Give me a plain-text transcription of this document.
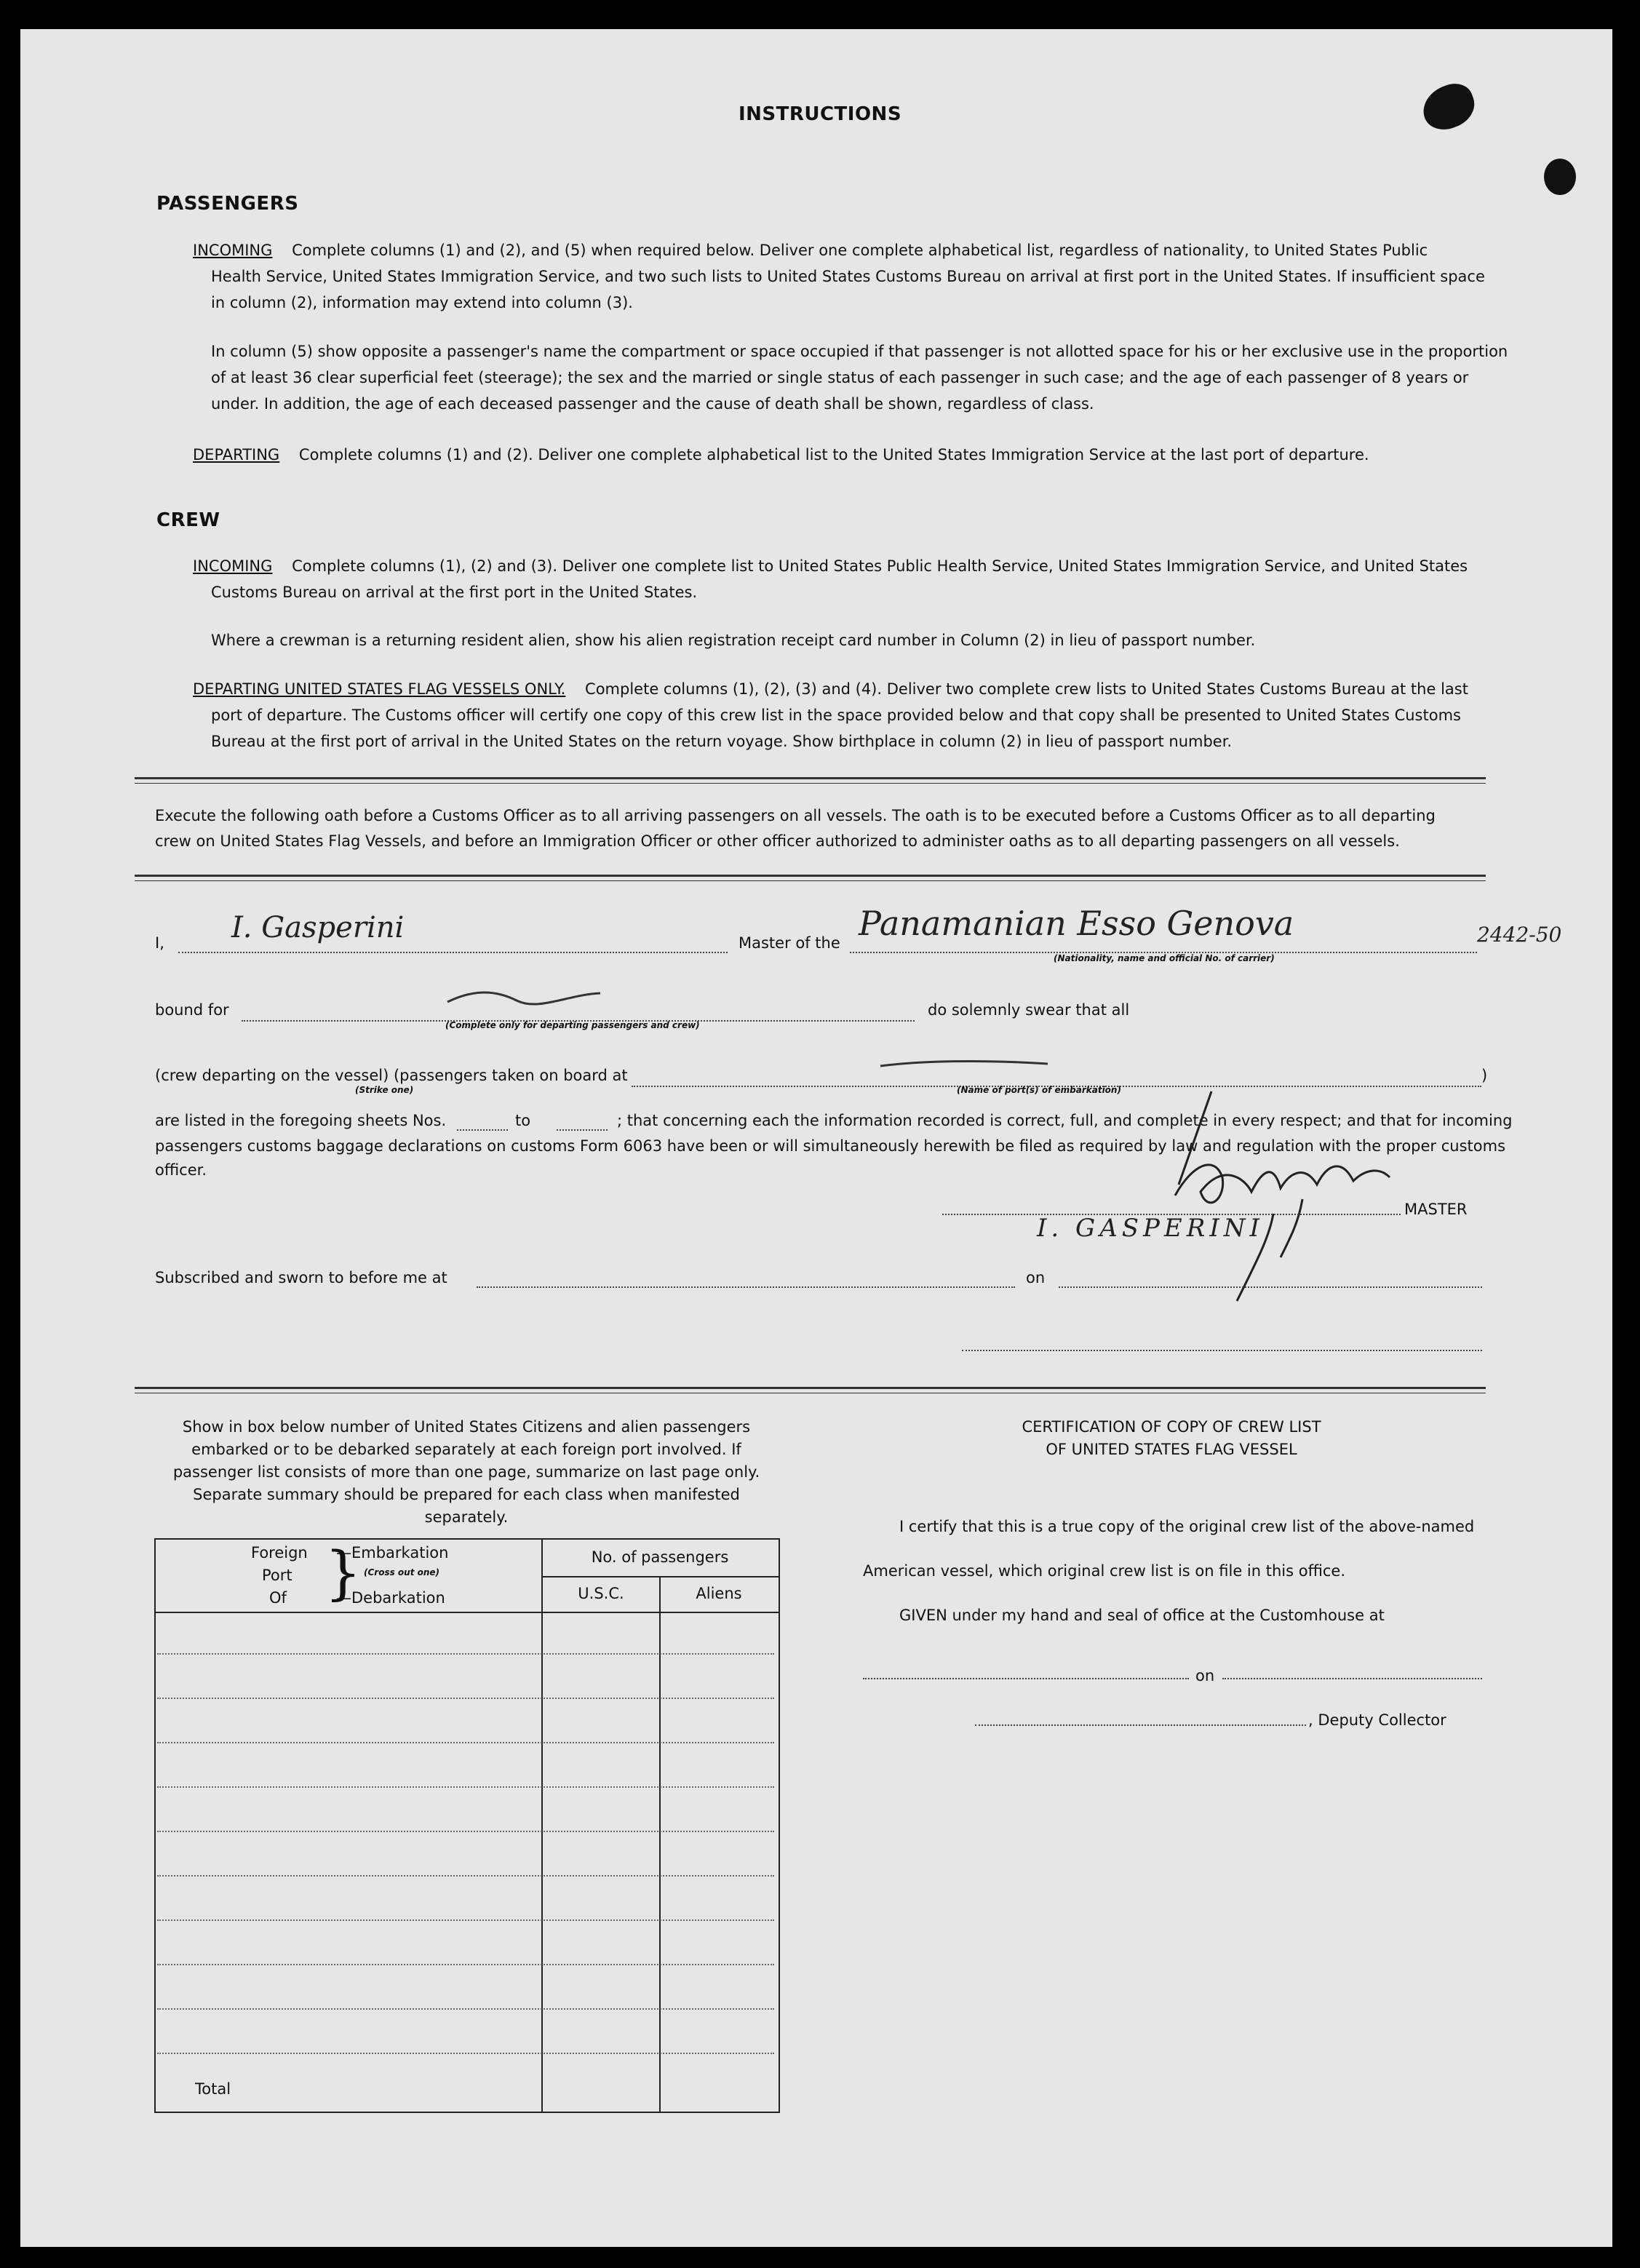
INSTRUCTIONS
PASSENGERS
INCOMING Complete columns (1) and (2), and (5) when required below. Deliver one complete alphabetical list, regardless of nationality, to United States Public
Health Service, United States Immigration Service, and two such lists to United States Customs Bureau on arrival at first port in the United States. If insufficient space
in column (2), information may extend into column (3).
In column (5) show opposite a passenger's name the compartment or space occupied if that passenger is not allotted space for his or her exclusive use in the proportion
of at least 36 clear superficial feet (steerage); the sex and the married or single status of each passenger in such case; and the age of each passenger of 8 years or
under. In addition, the age of each deceased passenger and the cause of death shall be shown, regardless of class.
DEPARTING Complete columns (1) and (2). Deliver one complete alphabetical list to the United States Immigration Service at the last port of departure.
CREW
INCOMING Complete columns (1), (2) and (3). Deliver one complete list to United States Public Health Service, United States Immigration Service, and United States
Customs Bureau on arrival at the first port in the United States.
Where a crewman is a returning resident alien, show his alien registration receipt card number in Column (2) in lieu of passport number.
DEPARTING UNITED STATES FLAG VESSELS ONLY. Complete columns (1), (2), (3) and (4). Deliver two complete crew lists to United States Customs Bureau at the last
port of departure. The Customs officer will certify one copy of this crew list in the space provided below and that copy shall be presented to United States Customs
Bureau at the first port of arrival in the United States on the return voyage. Show birthplace in column (2) in lieu of passport number.
Execute the following oath before a Customs Officer as to all arriving passengers on all vessels. The oath is to be executed before a Customs Officer as to all departing
crew on United States Flag Vessels, and before an Immigration Officer or other officer authorized to administer oaths as to all departing passengers on all vessels.
I, I. Gasperini	Master of the Panamanian Esso Genova	2442-50
(Nationality, name and official No. of carrier)
bound for
(Complete only for departing passengers and crew)
do solemnly swear that all
(crew departing on the vessel) (passengers taken on board at	)
(Strike one)	(Name of port(s) of embarkation)
are listed in the foregoing sheets Nos.	to	; that concerning each the information recorded is correct, full, and complete in every respect; and that for incoming
passengers customs baggage declarations on customs Form 6063 have been or will simultaneously herewith be filed as required by law and regulation with the proper customs
officer.
MASTER
I. GASPERINI
Subscribed and sworn to before me at	on
Show in box below number of United States Citizens and alien passengers
embarked or to be debarked separately at each foreign port involved. If
passenger list consists of more than one page, summarize on last page only.
Separate summary should be prepared for each class when manifested separately.
Foreign
Port
Of }
—Embarkation
(Cross out one)
—Debarkation
No. of passengers
U.S.C.	Aliens
Total
CERTIFICATION OF COPY OF CREW LIST
OF UNITED STATES FLAG VESSEL
I certify that this is a true copy of the original crew list of the above-named
American vessel, which original crew list is on file in this office.
GIVEN under my hand and seal of office at the Customhouse at
on
, Deputy Collector
